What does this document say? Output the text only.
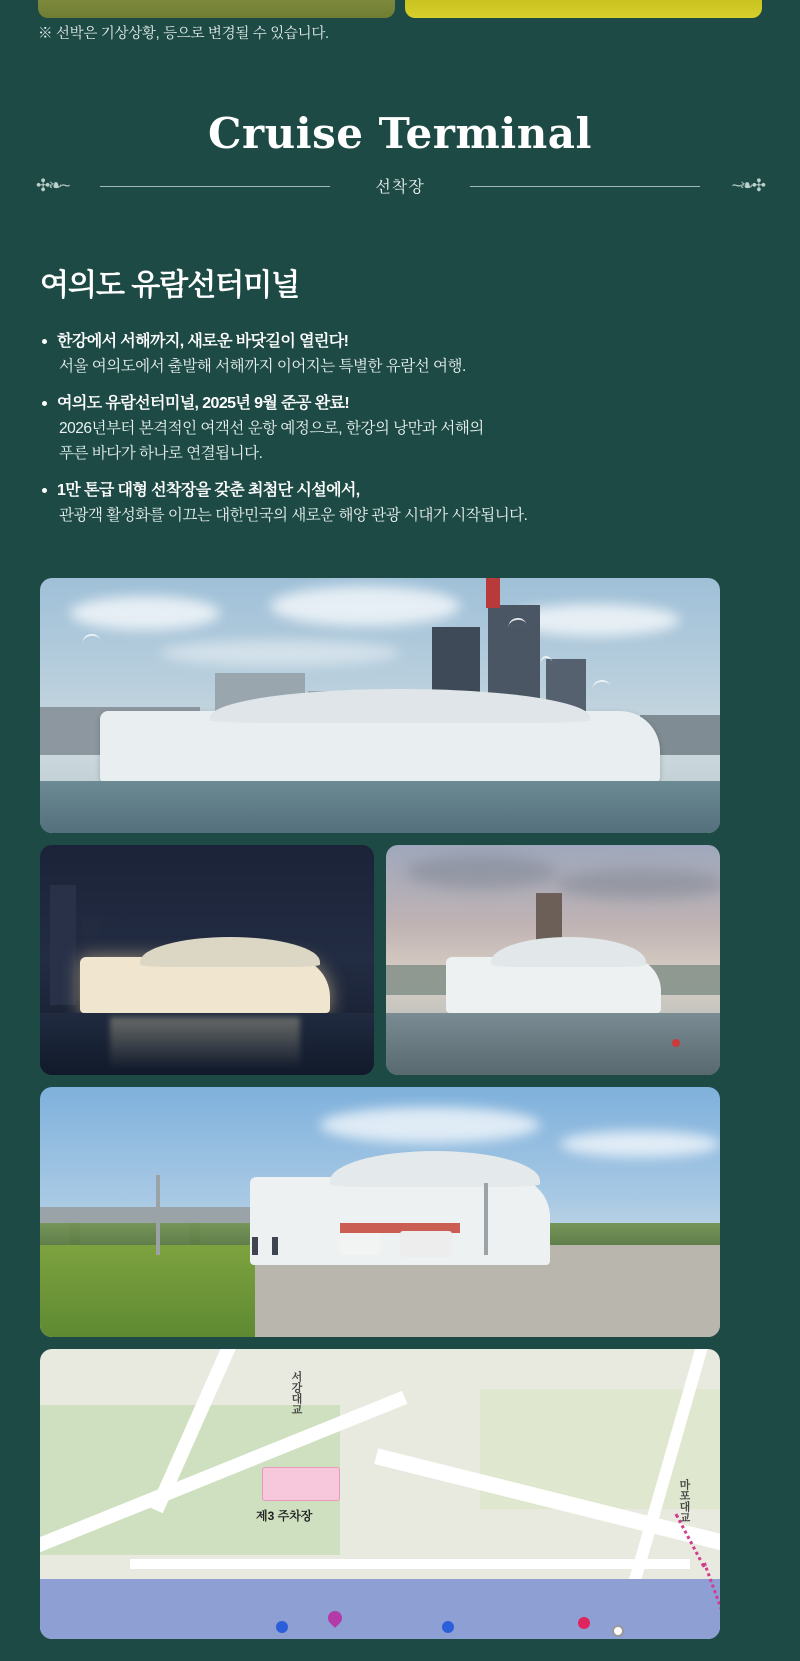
※ 선박은 기상상황, 등으로 변경될 수 있습니다.
Cruise Terminal
✣❧~	~❧✣
선착장
여의도 유람선터미널
한강에서 서해까지, 새로운 바닷길이 열린다!
서울 여의도에서 출발해 서해까지 이어지는 특별한 유람선 여행.
여의도 유람선터미널, 2025년 9월 준공 완료!
2026년부터 본격적인 여객선 운항 예정으로, 한강의 낭만과 서해의
푸른 바다가 하나로 연결됩니다.
1만 톤급 대형 선착장을 갖춘 최첨단 시설에서,
관광객 활성화를 이끄는 대한민국의 새로운 해양 관광 시대가 시작됩니다.
제3 주차장
서강대교
마포대교
